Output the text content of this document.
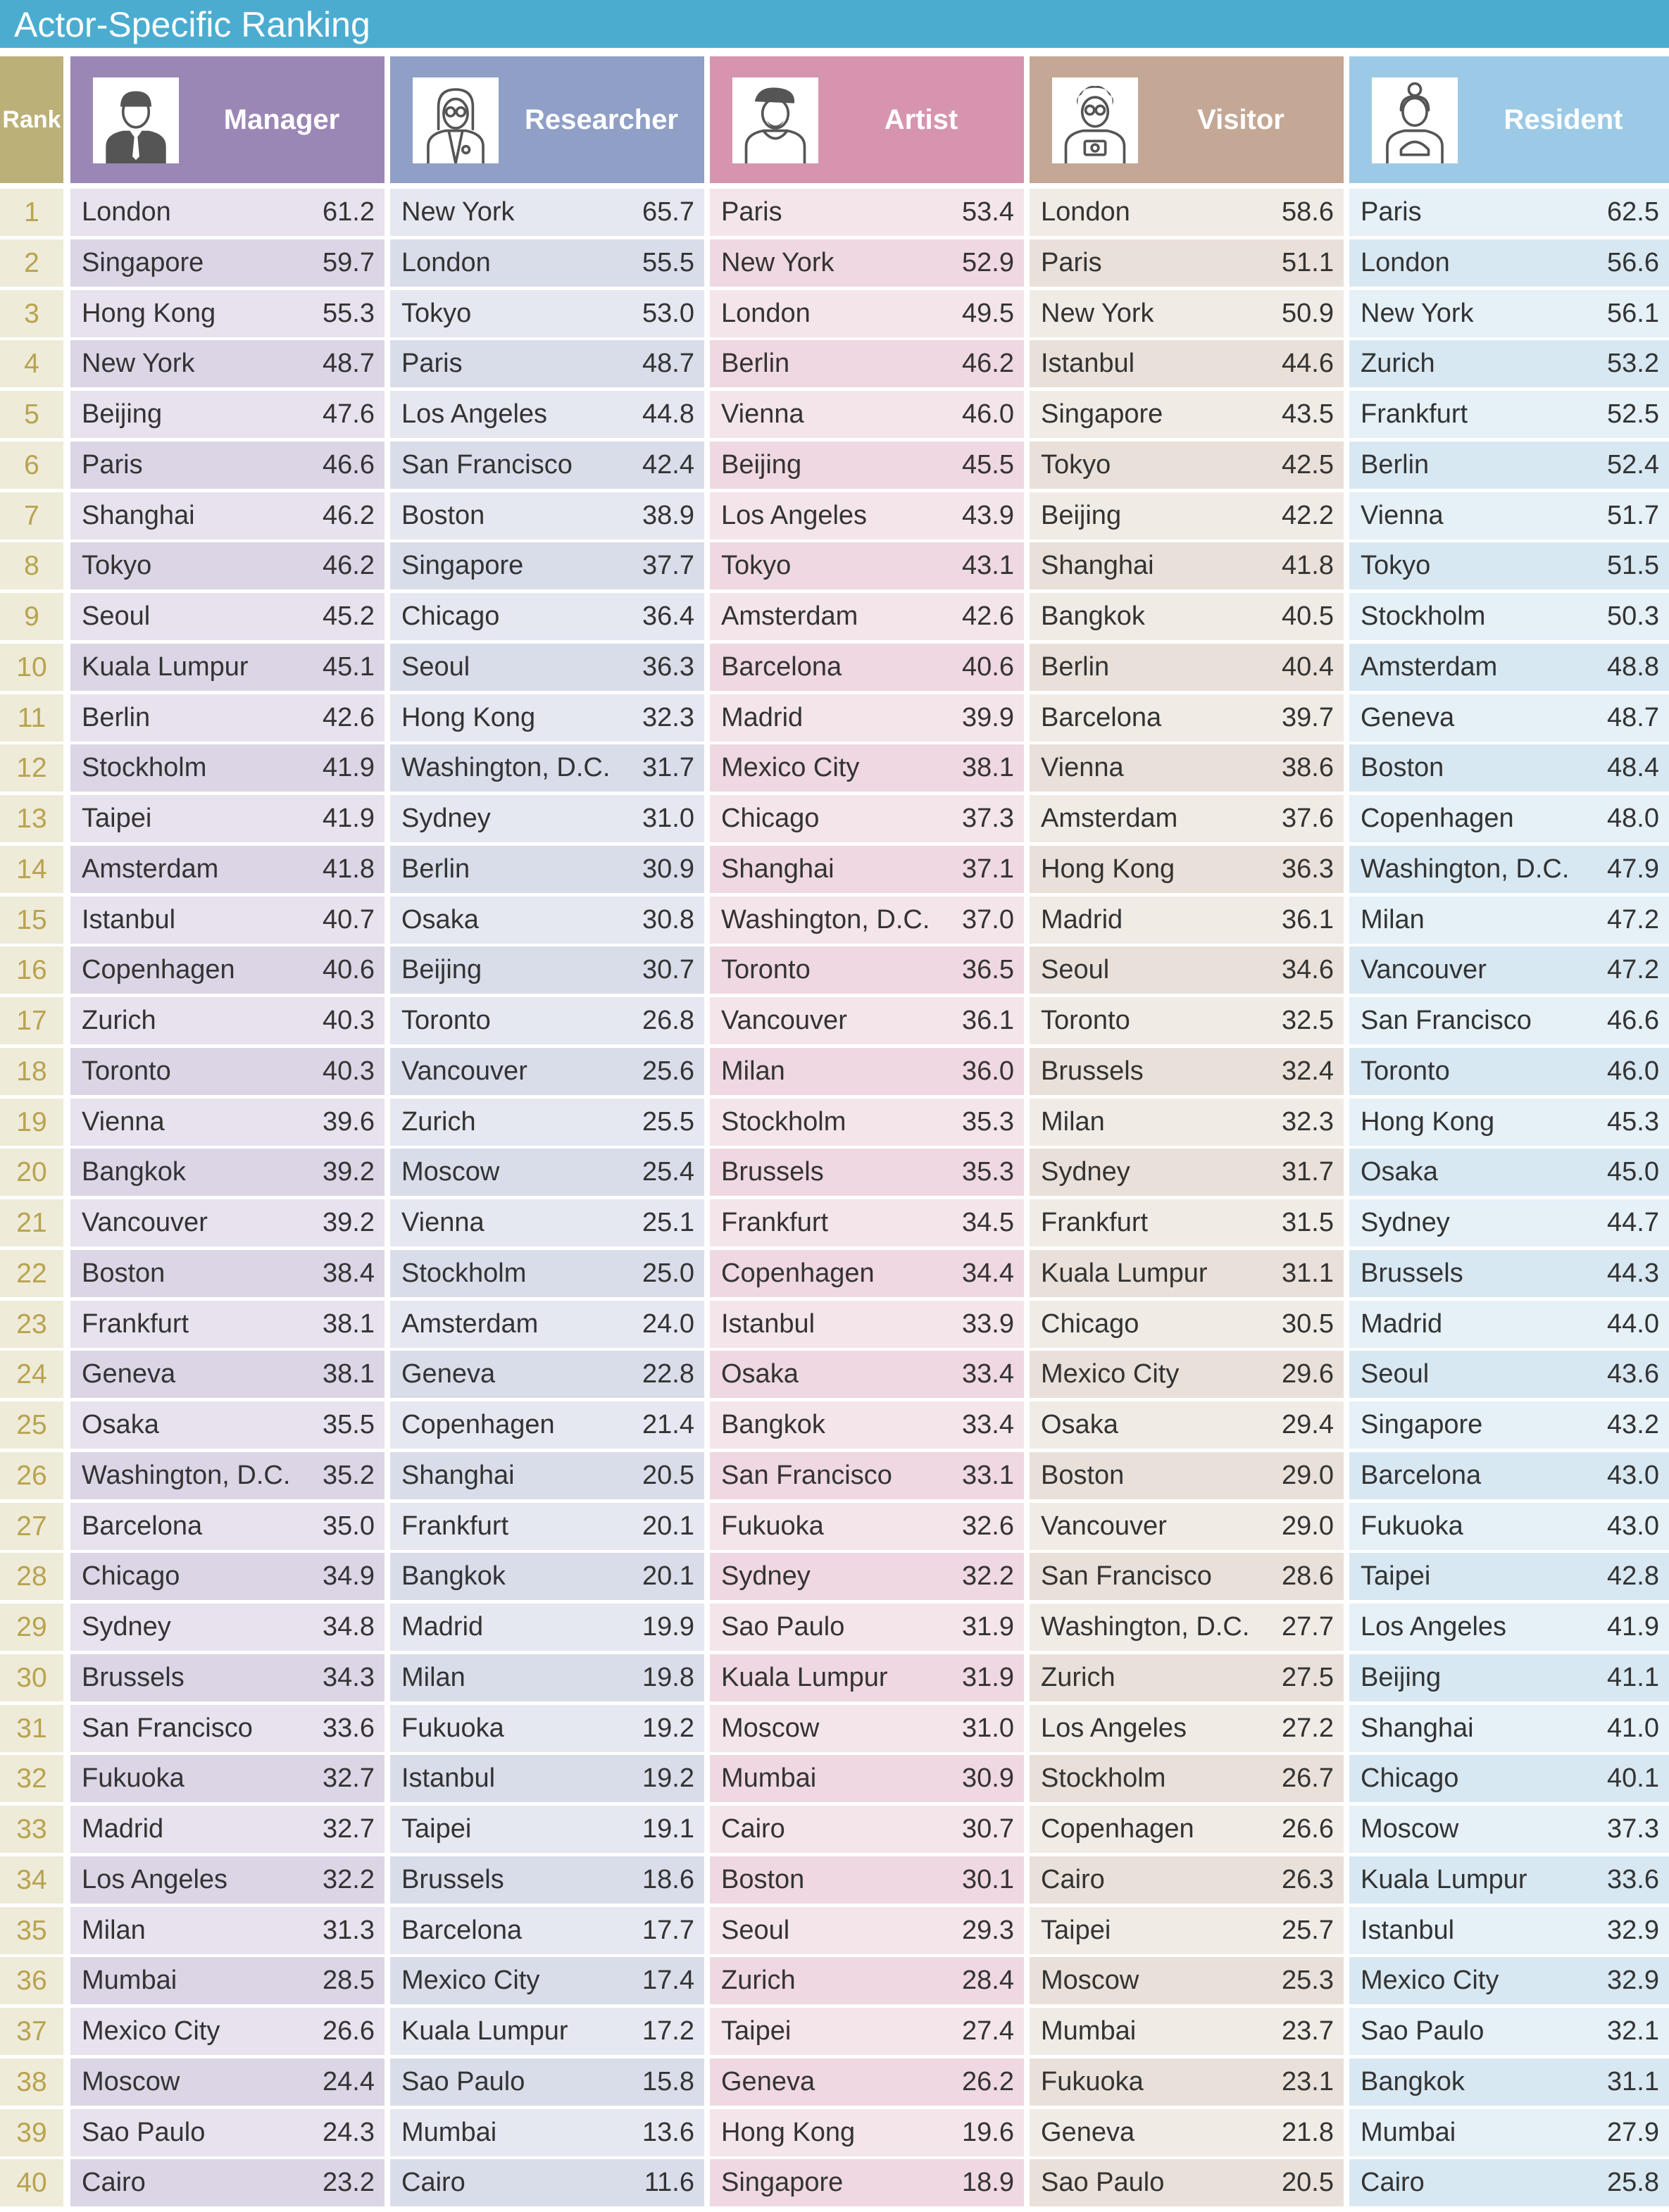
Actor-Specific Ranking
Rank	Manager	Researcher	Artist	Visitor	Resident
1	London	61.2 New York	65.7 Paris	53.4 London	58.6 Paris	62.5
2	Singapore	59.7 London	55.5 New York	52.9 Paris	51.1 London	56.6
3	Hong Kong	55.3 Tokyo	53.0 London	49.5 New York	50.9 New York	56.1
4	New York	48.7 Paris	48.7 Berlin	46.2 Istanbul	44.6 Zurich	53.2
5	Beijing	47.6 Los Angeles	44.8 Vienna	46.0 Singapore	43.5 Frankfurt	52.5
6	Paris	46.6 San Francisco	42.4 Beijing	45.5 Tokyo	42.5 Berlin	52.4
7	Shanghai	46.2 Boston	38.9 Los Angeles	43.9 Beijing	42.2 Vienna	51.7
8	Tokyo	46.2 Singapore	37.7 Tokyo	43.1 Shanghai	41.8 Tokyo	51.5
9	Seoul	45.2 Chicago	36.4 Amsterdam	42.6 Bangkok	40.5 Stockholm	50.3
10	Kuala Lumpur	45.1 Seoul	36.3 Barcelona	40.6 Berlin	40.4 Amsterdam	48.8
11	Berlin	42.6 Hong Kong	32.3 Madrid	39.9 Barcelona	39.7 Geneva	48.7
12	Stockholm	41.9 Washington, D.C. 31.7 Mexico City	38.1 Vienna	38.6 Boston	48.4
13	Taipei	41.9 Sydney	31.0 Chicago	37.3 Amsterdam	37.6 Copenhagen	48.0
14	Amsterdam	41.8 Berlin	30.9 Shanghai	37.1 Hong Kong	36.3 Washington, D.C. 47.9
15	Istanbul	40.7 Osaka	30.8 Washington, D.C. 37.0 Madrid	36.1 Milan	47.2
16	Copenhagen	40.6 Beijing	30.7 Toronto	36.5 Seoul	34.6 Vancouver	47.2
17	Zurich	40.3 Toronto	26.8 Vancouver	36.1 Toronto	32.5 San Francisco	46.6
18	Toronto	40.3 Vancouver	25.6 Milan	36.0 Brussels	32.4 Toronto	46.0
19	Vienna	39.6 Zurich	25.5 Stockholm	35.3 Milan	32.3 Hong Kong	45.3
20	Bangkok	39.2 Moscow	25.4 Brussels	35.3 Sydney	31.7 Osaka	45.0
21	Vancouver	39.2 Vienna	25.1 Frankfurt	34.5 Frankfurt	31.5 Sydney	44.7
22	Boston	38.4 Stockholm	25.0 Copenhagen	34.4 Kuala Lumpur	31.1 Brussels	44.3
23	Frankfurt	38.1 Amsterdam	24.0 Istanbul	33.9 Chicago	30.5 Madrid	44.0
24	Geneva	38.1 Geneva	22.8 Osaka	33.4 Mexico City	29.6 Seoul	43.6
25	Osaka	35.5 Copenhagen	21.4 Bangkok	33.4 Osaka	29.4 Singapore	43.2
26	Washington, D.C. 35.2 Shanghai	20.5 San Francisco	33.1 Boston	29.0 Barcelona	43.0
27	Barcelona	35.0 Frankfurt	20.1 Fukuoka	32.6 Vancouver	29.0 Fukuoka	43.0
28	Chicago	34.9 Bangkok	20.1 Sydney	32.2 San Francisco	28.6 Taipei	42.8
29	Sydney	34.8 Madrid	19.9 Sao Paulo	31.9 Washington, D.C. 27.7 Los Angeles	41.9
30	Brussels	34.3 Milan	19.8 Kuala Lumpur	31.9 Zurich	27.5 Beijing	41.1
31	San Francisco	33.6 Fukuoka	19.2 Moscow	31.0 Los Angeles	27.2 Shanghai	41.0
32	Fukuoka	32.7 Istanbul	19.2 Mumbai	30.9 Stockholm	26.7 Chicago	40.1
33	Madrid	32.7 Taipei	19.1 Cairo	30.7 Copenhagen	26.6 Moscow	37.3
34	Los Angeles	32.2 Brussels	18.6 Boston	30.1 Cairo	26.3 Kuala Lumpur	33.6
35	Milan	31.3 Barcelona	17.7 Seoul	29.3 Taipei	25.7 Istanbul	32.9
36	Mumbai	28.5 Mexico City	17.4 Zurich	28.4 Moscow	25.3 Mexico City	32.9
37	Mexico City	26.6 Kuala Lumpur	17.2 Taipei	27.4 Mumbai	23.7 Sao Paulo	32.1
38	Moscow	24.4 Sao Paulo	15.8 Geneva	26.2 Fukuoka	23.1 Bangkok	31.1
39	Sao Paulo	24.3 Mumbai	13.6 Hong Kong	19.6 Geneva	21.8 Mumbai	27.9
40	Cairo	23.2 Cairo	11.6 Singapore	18.9 Sao Paulo	20.5 Cairo	25.8
